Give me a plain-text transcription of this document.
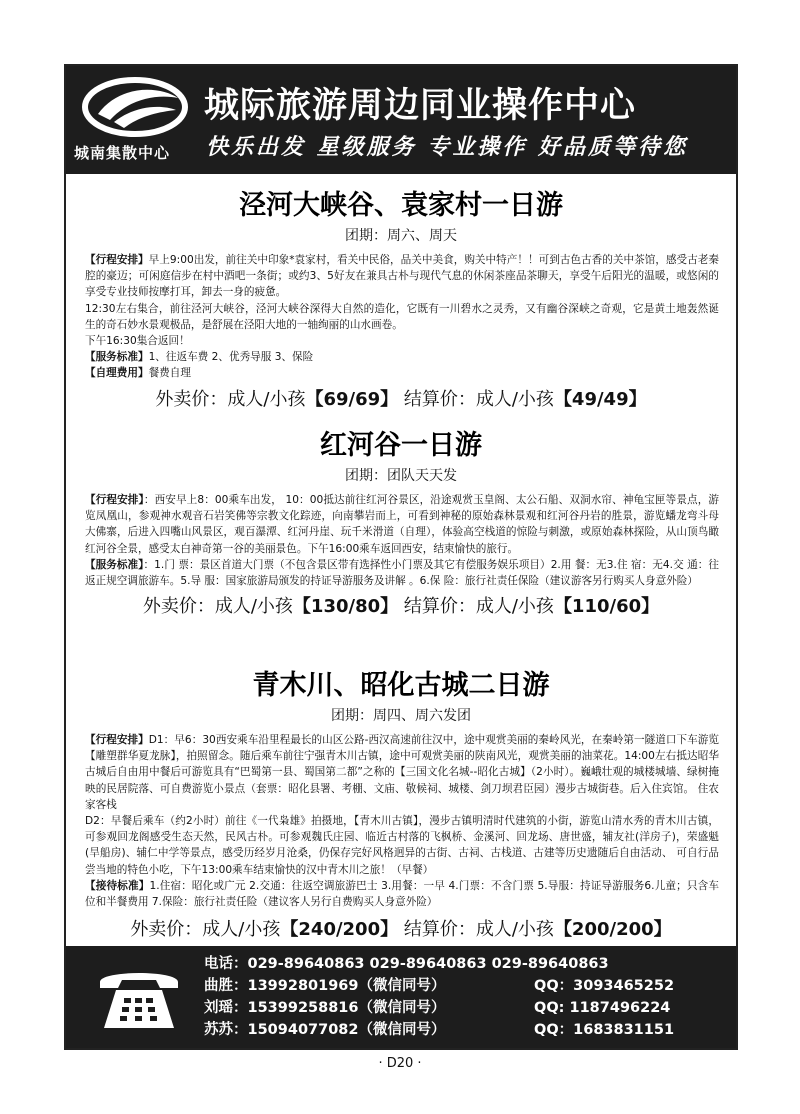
城南集散中心
城际旅游周边同业操作中心
快乐出发 星级服务 专业操作 好品质等待您

泾河大峡谷、袁家村一日游

团期：周六、周天

【行程安排】早上9:00出发，前往关中印象*袁家村，看关中民俗，品关中美食，购关中特产！！可到古色古香的关中茶馆，感受古老秦腔的豪迈；可闲庭信步在村中酒吧一条街；或约3、5好友在兼具古朴与现代气息的休闲茶座品茶聊天，享受午后阳光的温暖，或悠闲的享受专业技师按摩打耳，卸去一身的疲惫。

12:30左右集合，前往泾河大峡谷，泾河大峡谷深得大自然的造化，它既有一川碧水之灵秀，又有幽谷深峡之奇观，它是黄土地轰然诞生的奇石妙水景观极品，是舒展在泾阳大地的一轴绚丽的山水画卷。

下午16:30集合返回！

【服务标准】1、往返车费 2、优秀导服 3、保险

【自理费用】餐费自理

外卖价：成人/小孩【69/69】 结算价：成人/小孩【49/49】

红河谷一日游

团期：团队天天发

【行程安排】：西安早上8：00乘车出发， 10：00抵达前往红河谷景区，沿途观赏玉皇阁、太公石船、双洞水帘、神龟宝匣等景点，游览凤凰山，参观神水观音石岩笑佛等宗教文化踪迹，向南攀岩而上，可看到神秘的原始森林景观和红河谷丹岩的胜景，游览蟠龙弯斗母大佛寨，后进入四嘴山风景区，观百瀑潭、红河丹崖、玩千米滑道（自理），体验高空栈道的惊险与刺激，或原始森林探险，从山顶鸟瞰红河谷全景，感受太白神奇第一谷的美丽景色。下午16:00乘车返回西安，结束愉快的旅行。

【服务标准】：1.门 票：景区首道大门票（不包含景区带有选择性小门票及其它有偿服务娱乐项目）2.用 餐：无3.住 宿：无4.交 通：往返正规空调旅游车。5.导 服：国家旅游局颁发的持证导游服务及讲解 。6.保 险：旅行社责任保险（建议游客另行购买人身意外险）

外卖价：成人/小孩【130/80】 结算价：成人/小孩【110/60】

青木川、昭化古城二日游

团期：周四、周六发团

【行程安排】D1：早6：30西安乘车沿里程最长的山区公路-西汉高速前往汉中，途中观赏美丽的秦岭风光，在秦岭第一隧道口下车游览【雕塑群华夏龙脉】，拍照留念。随后乘车前往宁强青木川古镇，途中可观赏美丽的陕南风光，观赏美丽的油菜花。14:00左右抵达昭华古城后自由用中餐后可游览具有“巴蜀第一县、蜀国第二都”之称的【三国文化名城--昭化古城】（2小时）。巍峨壮观的城楼城墙、绿树掩映的民居院落、可自费游览小景点（套票：昭化县署、考棚、文庙、敬候祠、城楼、剑刀坝君臣园）漫步古城街巷。后入住宾馆。 住农家客栈

D2：早餐后乘车（约2小时）前往《一代枭雄》拍摄地，【青木川古镇】，漫步古镇明清时代建筑的小街，游览山清水秀的青木川古镇，可参观回龙阁感受生态天然，民风古朴。可参观魏氏庄园、临近古村落的飞枫桥、金溪河、回龙场、唐世盛，辅友社(洋房子)，荣盛魁(旱船房)、辅仁中学等景点，感受历经岁月沧桑，仍保存完好风格迥异的古街、古祠、古栈道、古建等历史遗随后自由活动、 可自行品尝当地的特色小吃，下午13:00乘车结束愉快的汉中青木川之旅！（早餐）

【接待标准】1.住宿：昭化或广元 2.交通：往返空调旅游巴士 3.用餐：一早 4.门票：不含门票 5.导服：持证导游服务6.儿童；只含车位和半餐费用 7.保险：旅行社责任险（建议客人另行自费购买人身意外险）

外卖价：成人/小孩【240/200】 结算价：成人/小孩【200/200】

电话：029-89640863 029-89640863 029-89640863
曲胜：13992801969（微信同号）	QQ：3093465252
刘瑶：15399258816（微信同号）	QQ: 1187496224
苏苏：15094077082（微信同号）	QQ：1683831151
· D20 ·
